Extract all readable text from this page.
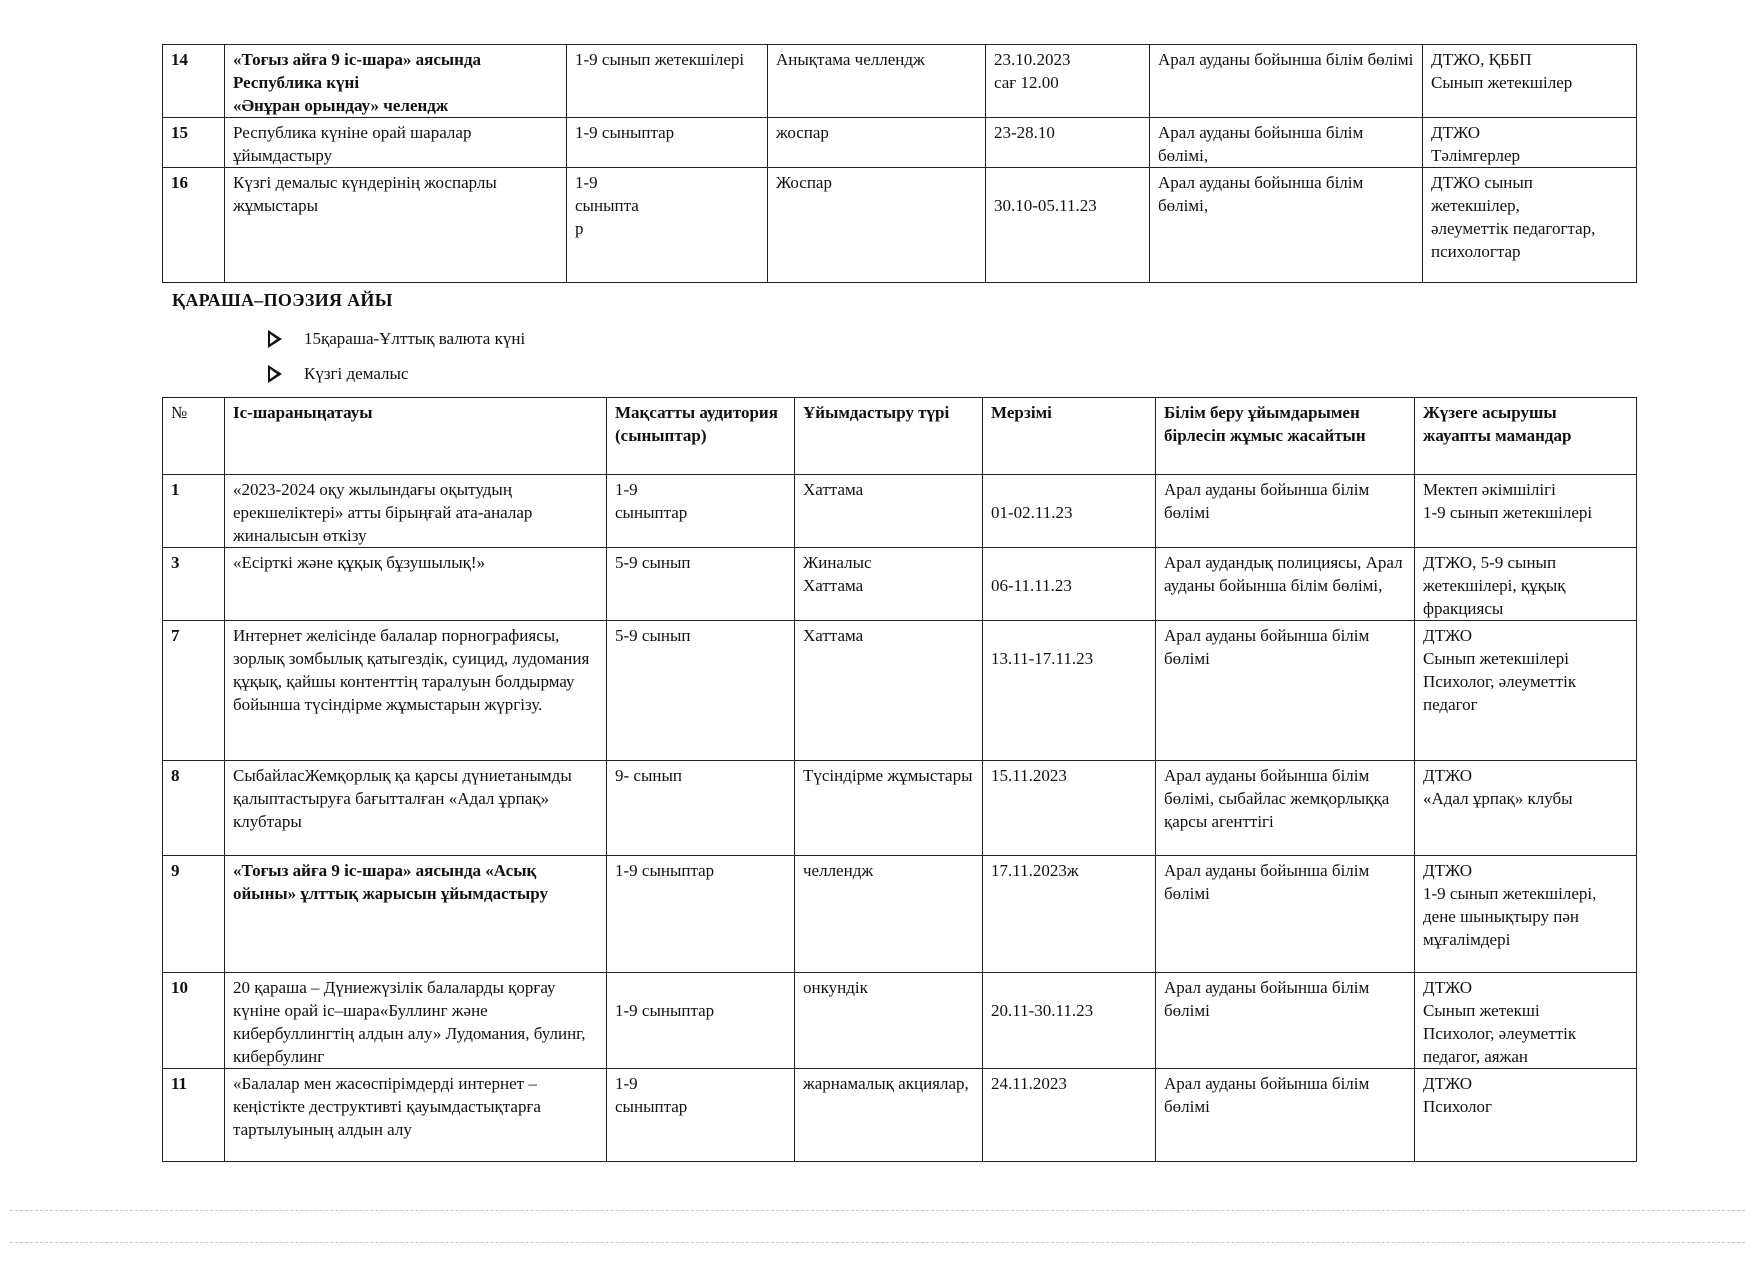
14	«Тоғыз айға 9 іс-шара» аясында
Республика күні
«Әнұран орындау» челендж	1-9 сынып жетекшілері	Анықтама челлендж	23.10.2023
сағ 12.00	Арал ауданы бойынша білім бөлімі	ДТЖО, ҚББП
Сынып жетекшілер
15	Республика күніне орай шаралар ұйымдастыру	1-9 сыныптар	жоспар	23-28.10	Арал ауданы бойынша білім бөлімі,	ДТЖО
Тәлімгерлер
16	Күзгі демалыс күндерінің жоспарлы жұмыстары	1-9 сыныптар	Жоспар	30.10-05.11.23	Арал ауданы бойынша білім бөлімі,	ДТЖО сынып жетекшілер, әлеуметтік педагогтар, психологтар
ҚАРАША–ПОЭЗИЯ АЙЫ
15қараша-Ұлттық валюта күні
Күзгі демалыс
№	Іс-шараныңатауы	Мақсатты аудитория (сыныптар)	Ұйымдастыру түрі	Мерзімі	Білім беру ұйымдарымен бірлесіп жұмыс жасайтын	Жүзеге асырушы жауапты мамандар
1	«2023-2024 оқу жылындағы оқытудың ерекшеліктері» атты бірыңғай ата-аналар жиналысын өткізу	1-9 сыныптар	Хаттама	01-02.11.23	Арал ауданы бойынша білім бөлімі	Мектеп әкімшілігі
1-9 сынып жетекшілері
3	«Есірткі және құқық бұзушылық!»	5-9 сынып	Жиналыс
Хаттама	06-11.11.23	Арал аудандық полициясы, Арал ауданы бойынша білім бөлімі,	ДТЖО, 5-9 сынып жетекшілері, құқық фракциясы
7	Интернет желісінде балалар порнографиясы, зорлық зомбылық қатыгездік, суицид, лудомания құқық, қайшы контенттің таралуын болдырмау бойынша түсіндірме жұмыстарын жүргізу.	5-9 сынып	Хаттама	13.11-17.11.23	Арал ауданы бойынша білім бөлімі	ДТЖО
Сынып жетекшілері
Психолог, әлеуметтік педагог
8	СыбайласЖемқорлық қа қарсы дүниетанымды қалыптастыруға бағытталған «Адал ұрпақ» клубтары	9- сынып	Түсіндірме жұмыстары	15.11.2023	Арал ауданы бойынша білім бөлімі, сыбайлас жемқорлыққа қарсы агенттігі	ДТЖО
«Адал ұрпақ» клубы
9	«Тоғыз айға 9 іс-шара» аясында «Асық ойыны» ұлттық жарысын ұйымдастыру	1-9 сыныптар	челлендж	17.11.2023ж	Арал ауданы бойынша білім бөлімі	ДТЖО
1-9 сынып жетекшілері, дене шынықтыру пән мұғалімдері
10	20 қараша – Дүниежүзілік балаларды қорғау күніне орай іс–шара«Буллинг және кибербуллингтің алдын алу» Лудомания, булинг, кибербулинг	1-9 сыныптар	онкундік	20.11-30.11.23	Арал ауданы бойынша білім бөлімі	ДТЖО
Сынып жетекші
Психолог, әлеуметтік педагог, аяжан
11	«Балалар мен жасөспірімдерді интернет – кеңістікте деструктивті қауымдастықтарға тартылуының алдын алу	1-9 сыныптар	жарнамалық акциялар,	24.11.2023	Арал ауданы бойынша білім бөлімі	ДТЖО
Психолог
